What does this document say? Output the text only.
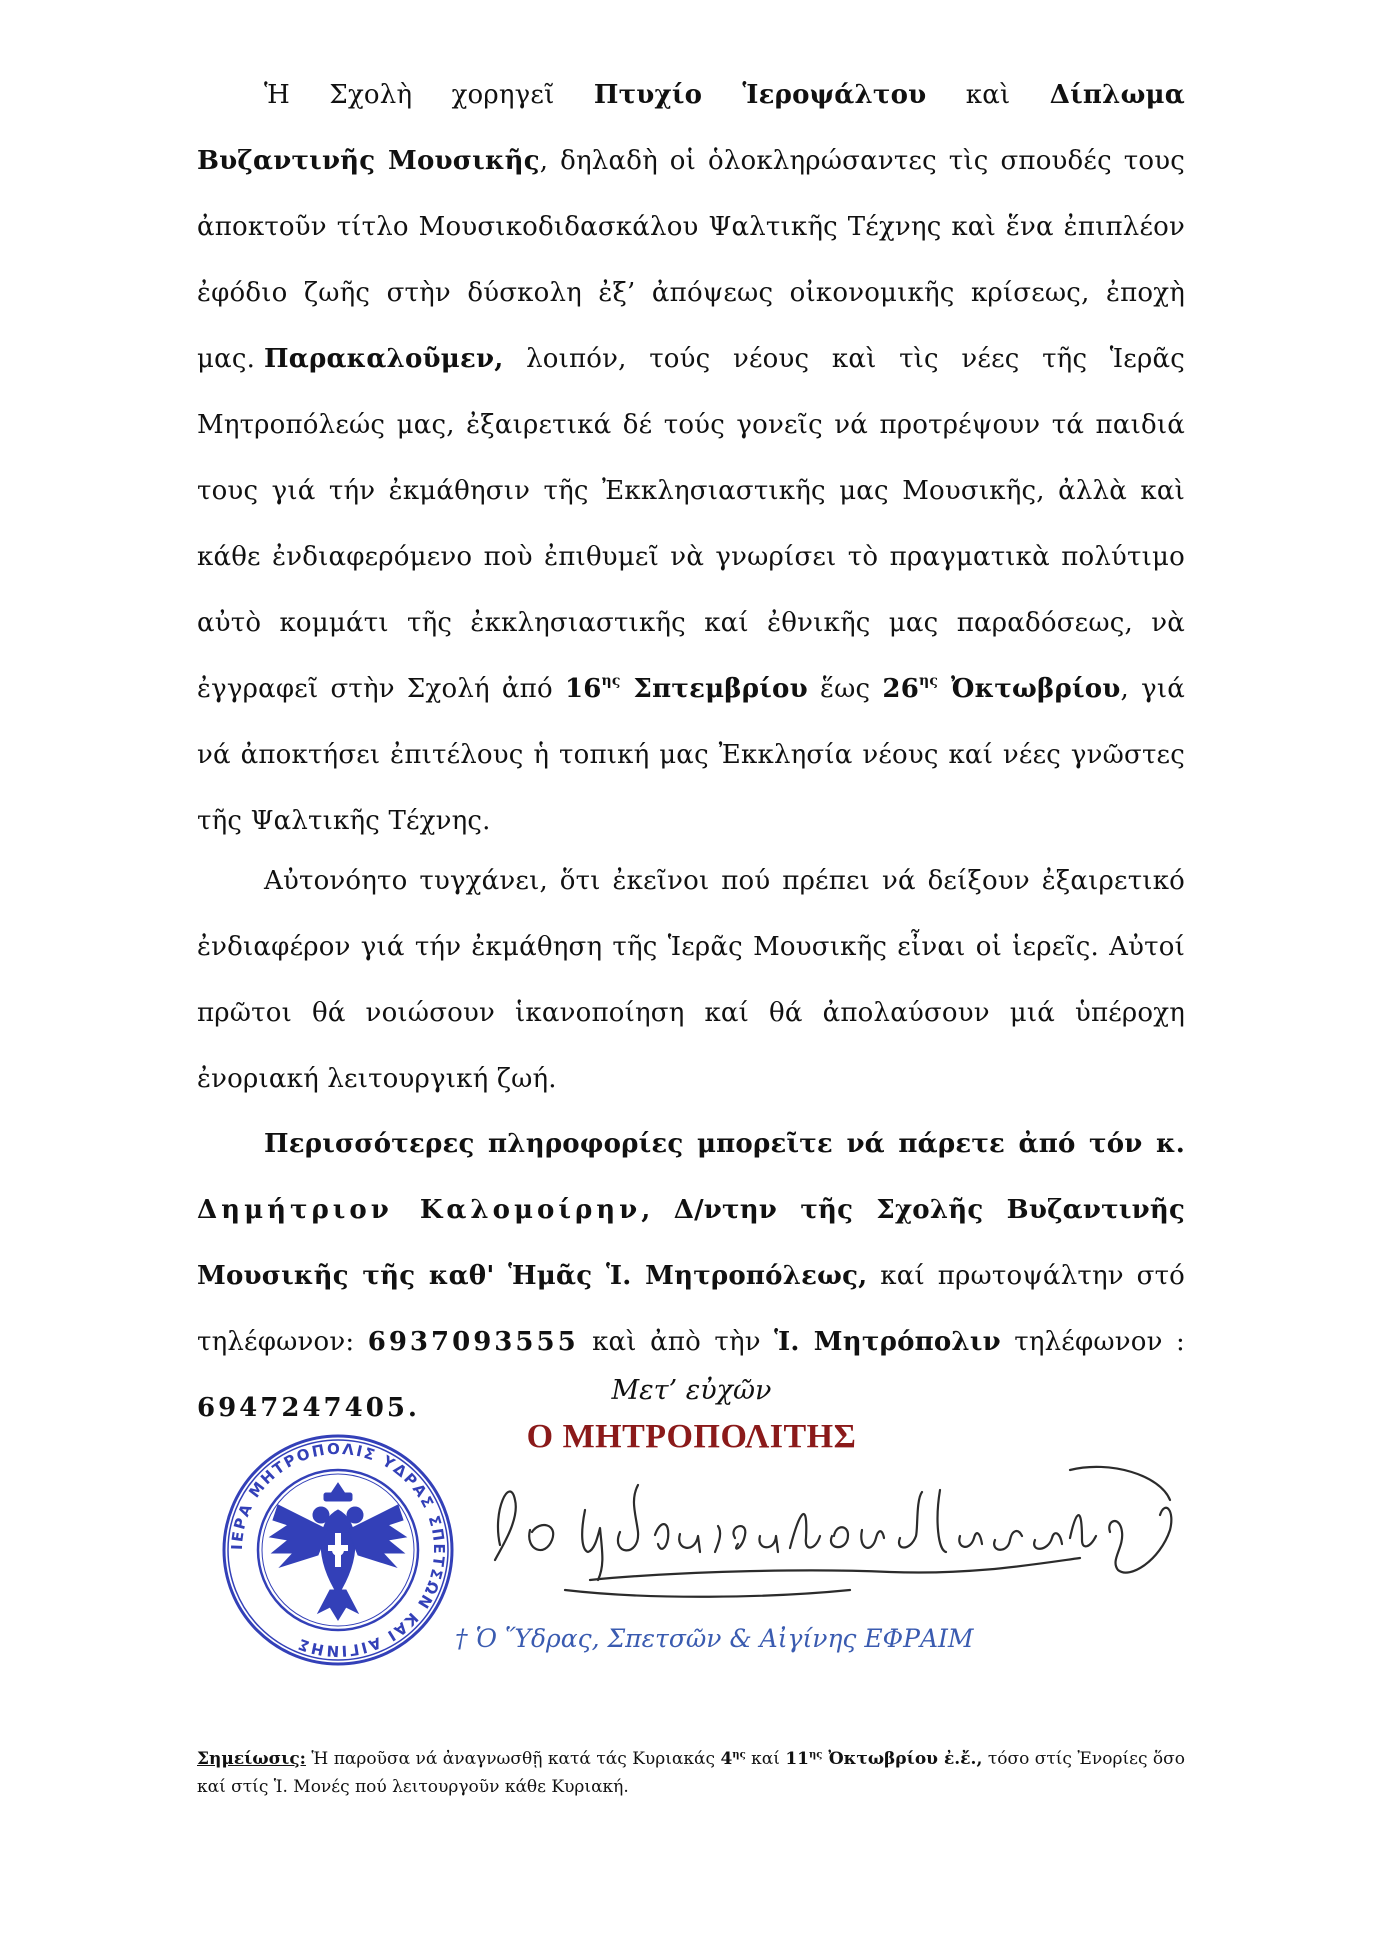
Ἡ Σχολὴ χορηγεῖ Πτυχίο Ἱεροψάλτου καὶ Δίπλωμα Βυζαντινῆς Μουσικῆς, δηλαδὴ οἱ ὁλοκληρώσαντες τὶς σπουδές τους ἀποκτοῦν τίτλο Μουσικοδιδασκάλου Ψαλτικῆς Τέχνης καὶ ἕνα ἐπιπλέον ἐφόδιο ζωῆς στὴν δύσκολη ἐξ’ ἀπόψεως οἰκονομικῆς κρίσεως, ἐποχὴ μας. Παρακαλοῦμεν, λοιπόν, τούς νέους καὶ τὶς νέες τῆς Ἱερᾶς Μητροπόλεώς μας, ἐξαιρετικά δέ τούς γονεῖς νά προτρέψουν τά παιδιά τους γιά τήν ἐκμάθησιν τῆς Ἐκκλησιαστικῆς μας Μουσικῆς, ἀλλὰ καὶ κάθε ἐνδιαφερόμενο ποὺ ἐπιθυμεῖ νὰ γνωρίσει τὸ πραγματικὰ πολύτιμο αὐτὸ κομμάτι τῆς ἐκκλησιαστικῆς καί ἐθνικῆς μας παραδόσεως, νὰ ἐγγραφεῖ στὴν Σχολή ἀπό $16^{\eta\varsigma}$ Σπτεμβρίου ἕως $26^{\eta\varsigma}$ Ὀκτωβρίου, γιά νά ἀποκτήσει ἐπιτέλους ἡ τοπική μας Ἐκκλησία νέους καί νέες γνῶστες τῆς Ψαλτικῆς Τέχνης.

Αὐτονόητο τυγχάνει, ὅτι ἐκεῖνοι πού πρέπει νά δείξουν ἐξαιρετικό ἐνδιαφέρον γιά τήν ἐκμάθηση τῆς Ἱερᾶς Μουσικῆς εἶναι οἱ ἱερεῖς. Αὐτοί πρῶτοι θά νοιώσουν ἱκανοποίηση καί θά ἀπολαύσουν μιά ὑπέροχη ἐνοριακή λειτουργική ζωή.

Περισσότερες πληροφορίες μπορεῖτε νά πάρετε ἀπό τόν κ. Δημήτριον Καλομοίρην, Δ/ντην τῆς Σχολῆς Βυζαντινῆς Μουσικῆς τῆς καθ' Ἡμᾶς Ἱ. Μητροπόλεως, καί πρωτοψάλτην στό τηλέφωνον: 6937093555 καὶ ἀπὸ τὴν Ἱ. Μητρόπολιν τηλέφωνον : 6947247405.

Μετ’ εὐχῶν

Ο ΜΗΤΡΟΠΟΛΙΤΗΣ

ΙΕΡΑ ΜΗΤΡΟΠΟΛΙΣ ΥΔΡΑΣ ΣΠΕΤΣΩΝ ΚΑΙ ΑΙΓΙΝΗΣ	† Ὁ Ὕδρας, Σπετσῶν & Αἰγίνης ΕΦΡΑΙΜ

Σημείωσις: Ἡ παροῦσα νά ἀναγνωσθῇ κατά τάς Κυριακάς $4^{\eta\varsigma}$ καί $11^{\eta\varsigma}$ Ὀκτωβρίου ἐ.ἔ., τόσο στίς Ἐνορίες ὅσο καί στίς Ἱ. Μονές πού λειτουργοῦν κάθε Κυριακή.
